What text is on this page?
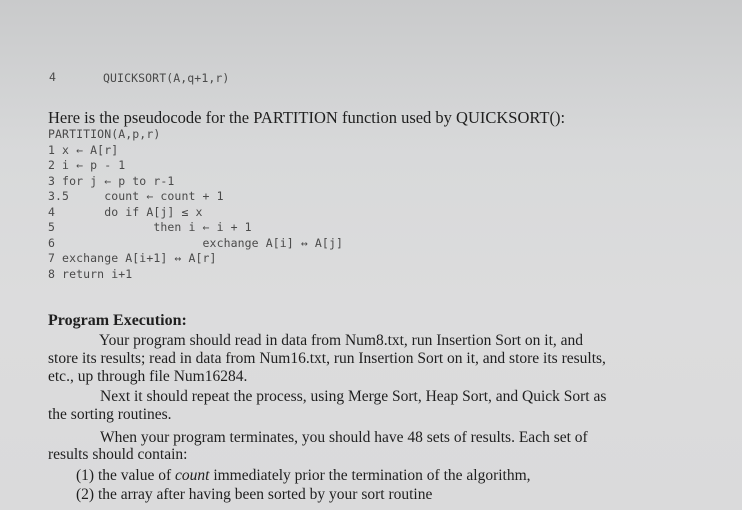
4	QUICKSORT(A,q+1,r)
Here is the pseudocode for the PARTITION function used by QUICKSORT():
PARTITION(A,p,r)
1 x ← A[r]
2 i ← p - 1
3 for j ← p to r-1
3.5     count ← count + 1
4       do if A[j] ≤ x
5              then i ← i + 1
6                     exchange A[i] ↔ A[j]
7 exchange A[i+1] ↔ A[r]
8 return i+1
Program Execution:
Your program should read in data from Num8.txt, run Insertion Sort on it, and
store its results; read in data from Num16.txt, run Insertion Sort on it, and store its results,
etc., up through file Num16284.
Next it should repeat the process, using Merge Sort, Heap Sort, and Quick Sort as
the sorting routines.
When your program terminates, you should have 48 sets of results. Each set of
results should contain:
(1) the value of count immediately prior the termination of the algorithm,
(2) the array after having been sorted by your sort routine
